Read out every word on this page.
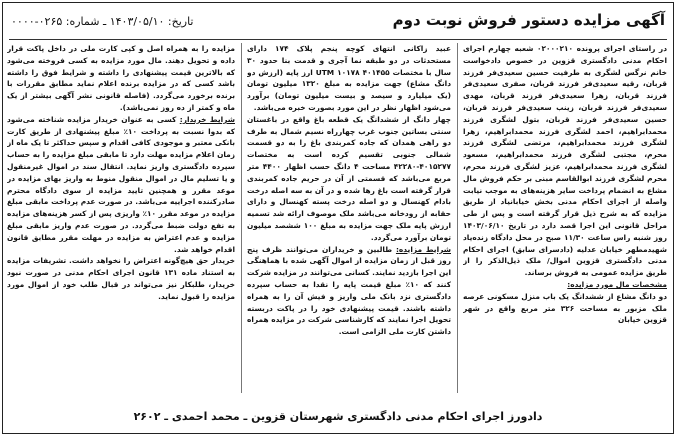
آگهی مزایده دستور فروش نوبت دوم
تاریخ: ۱۴۰۳/۰۵/۱۰ ـ شماره: ۰۲۶۵-۰۰۰۰
در راستای اجرای پرونده ۰۲۰۰۰۲۱۰ شعبه چهارم اجرای احکام مدنی دادگستری قزوین در خصوص دادخواست خانم نرگس لشگری به طرفیت حسین سعیدی‌فر فرزند قربان، رقیه سعیدی‌فر فرزند قربان، صفری سعیدی‌فر فرزند قربان، زهرا سعیدی‌فر فرزند قربان، مهدی سعیدی‌فر فرزند قربان، زینب سعیدی‌فر فرزند قربان، حسین سعیدی‌فر فرزند قربان، بتول لشگری فرزند محمدابراهیم، احمد لشگری فرزند محمدابراهیم، زهرا لشگری فرزند محمدابراهیم، مرتضی لشگری فرزند محرم، مجتبی لشگری فرزند محمدابراهیم، مسعود لشگری فرزند محمدابراهیم، عزیز لشگری فرزند محرم، محرم لشگری فرزند ابوالقاسم مبنی بر حکم فروش مال مشاع به انضمام پرداخت سایر هزینه‌های به موجب نیابت واصله از اجرای احکام مدنی بخش خیابانیاد از طریق مزایده که به شرح ذیل قرار گرفته است و پس از طی مراحل قانونی این اجرا قصد دارد در تاریخ ۱۴۰۳/۰۶/۱۰ روز شنبه راس ساعت ۱۱/۳۰ صبح در محل دادگاه زنده‌یاد شهیدمطهر خیابان عدلیه (دادسرای سابق) اجرای احکام مدنی دادگستری قزوین اموال/ ملک ذیل‌الذکر را از طریق مزایده عمومی به فروش برساند.
مشخصات مال مورد مزایده:
دو دانگ مشاع از ششدانگ یک باب منزل مسکونی عرصه ملک مزبور به مساحت ۳۲۶ متر مربع واقع در شهر قزوین خیابان
عبید زاکانی انتهای کوچه پنجم پلاک ۱۷۴ دارای مستحدثات در دو طبقه نما آجری و قدمت بنا حدود ۳۰ سال با مختصات UTM ۱۰۱۷۸ ۴۰۱۴۵۵ ارز پایه (ارزش دو دانگ مشاع) جهت مزایده به مبلغ ۱۳۲۰ میلیون تومان (یک میلیارد و سیصد و بیست میلیون تومان) برآورد می‌شود اظهار نظر در این مورد بصورت خبره می‌باشد.
چهار دانگ از ششدانگ یک قطعه باغ واقع در باغستان سنتی بساتین جنوب غرب چهارراه نسیم شمال به طرف دو راهی همدان که جاده کمربندی باغ را به دو قسمت شمالی جنوبی تقسیم کرده است به مختصات ۴۰۱۵۲۷۷-۴۲۲۸۰ مساحت ۴ دانگ حسب اظهار ۴۴۰۰ متر مربع می‌باشد که قسمتی از آن در حریم جاده کمربندی قرار گرفته است باغ رها شده و در آن به سه اصله درخت بادام کهنسال و دو اصله درخت پسته کهنسال و دارای حقابه از رودخانه می‌باشد ملک موصوف ارائه شد تسمیه ارزش پایه ملک جهت مزایده به مبلغ ۱۰۰ ششصد میلیون تومان برآورد می‌گردد.
شرایط مزایده: طالبین و خریداران می‌توانند ظرف پنج روز قبل از زمان مزایده از اموال آگهی شده با هماهنگی این اجرا بازدید نمایند. کسانی می‌توانند در مزایده شرکت کنند که ۱۰٪ مبلغ قیمت پایه را نقدا به حساب سپرده دادگستری نزد بانک ملی واریز و فیش آن را به همراه داشته باشند. قیمت پیشنهادی خود را در پاکت دربسته تحویل اجرا نمایند که کارشناسی شرکت در مزایده همراه داشتن کارت ملی الزامی است.
مزایده را به همراه اصل و کپی کارت ملی در داخل پاکت قرار داده و تحویل دهند. مال مورد مزایده به کسی فروخته می‌شود که بالاترین قیمت پیشنهادی را داشته و شرایط فوق را داشته باشد کسی که در مزایده برنده اعلام نماید مطابق مقررات با برنده برخورد می‌گردد. (فاصله قانونی نشر آگهی بیشتر از یک ماه و کمتر از ده روز نمی‌باشد).
شرایط خریدار: کسی به عنوان خریدار مزایده شناخته می‌شود که بدوا نسبت به پرداخت ۱۰٪ مبلغ پیشنهادی از طریق کارت بانکی معتبر و موجودی کافی اقدام و سپس حداکثر تا یک ماه از زمان اعلام مزایده مهلت دارد تا مابقی مبلغ مزایده را به حساب سپرده دادگستری واریز نماید. انتقال سند در اموال غیرمنقول و یا تسلیم مال در اموال منقول منوط به واریز بهای مزایده در موعد مقرر و همچنین تایید مزایده از سوی دادگاه محترم صادرکننده اجراییه می‌باشد. در صورت عدم پرداخت مابقی مبلغ مزایده در موعد مقرر ۱۰٪ واریزی پس از کسر هزینه‌های مزایده به نفع دولت ضبط می‌گردد. در صورت عدم واریز مابقی مبلغ مزایده و عدم اعتراض به مزایده در مهلت مقرر مطابق قانون اقدام خواهد شد.
خریدار حق هیچ‌گونه اعتراض را نخواهد داشت. تشریفات مزایده به استناد ماده ۱۳۱ قانون اجرای احکام مدنی در صورت نبود خریدار، طلبکار نیز می‌تواند در قبال طلب خود از اموال مورد مزایده را قبول نماید.
دادورز اجرای احکام مدنی دادگستری شهرستان قزوین ـ محمد احمدی ـ ۲۶۰۲
